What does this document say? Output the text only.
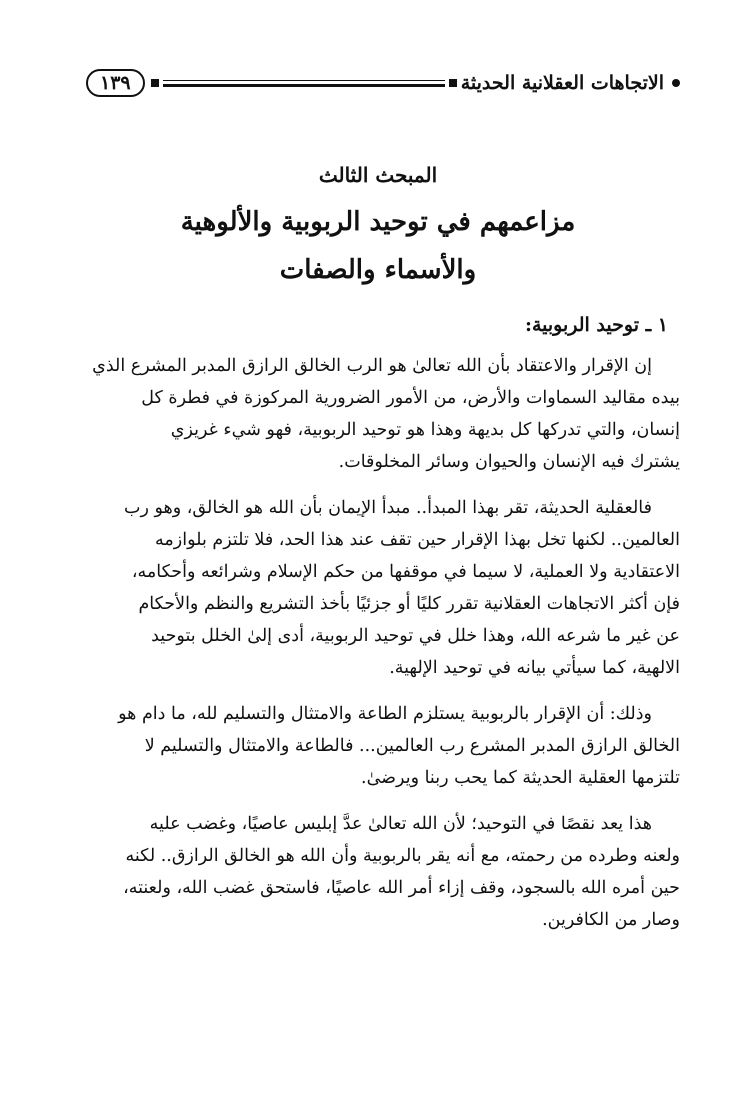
الاتجاهات العقلانية الحديثة
١٣٩
المبحث الثالث
مزاعمهم في توحيد الربوبية والألوهية
والأسماء والصفات
١ ـ توحيد الربوبية:

إن الإقرار والاعتقاد بأن الله تعالىٰ هو الرب الخالق الرازق المدبر المشرع الذي
بيده مقاليد السماوات والأرض، من الأمور الضرورية المركوزة في فطرة كل
إنسان، والتي تدركها كل بديهة وهذا هو توحيد الربوبية، فهو شيء غريزي
يشترك فيه الإنسان والحيوان وسائر المخلوقات.

فالعقلية الحديثة، تقر بهذا المبدأ.. مبدأ الإيمان بأن الله هو الخالق، وهو رب
العالمين.. لكنها تخل بهذا الإقرار حين تقف عند هذا الحد، فلا تلتزم بلوازمه
الاعتقادية ولا العملية، لا سيما في موقفها من حكم الإسلام وشرائعه وأحكامه،
فإن أكثر الاتجاهات العقلانية تقرر كليًا أو جزئيًا بأخذ التشريع والنظم والأحكام
عن غير ما شرعه الله، وهذا خلل في توحيد الربوبية، أدى إلىٰ الخلل بتوحيد
الالهية، كما سيأتي بيانه في توحيد الإلهية.

وذلك: أن الإقرار بالربوبية يستلزم الطاعة والامتثال والتسليم لله، ما دام هو
الخالق الرازق المدبر المشرع رب العالمين... فالطاعة والامتثال والتسليم لا
تلتزمها العقلية الحديثة كما يحب ربنا ويرضىٰ.

هذا يعد نقصًا في التوحيد؛ لأن الله تعالىٰ عدَّ إبليس عاصيًا، وغضب عليه
ولعنه وطرده من رحمته، مع أنه يقر بالربوبية وأن الله هو الخالق الرازق.. لكنه
حين أمره الله بالسجود، وقف إزاء أمر الله عاصيًا، فاستحق غضب الله، ولعنته،
وصار من الكافرين.
